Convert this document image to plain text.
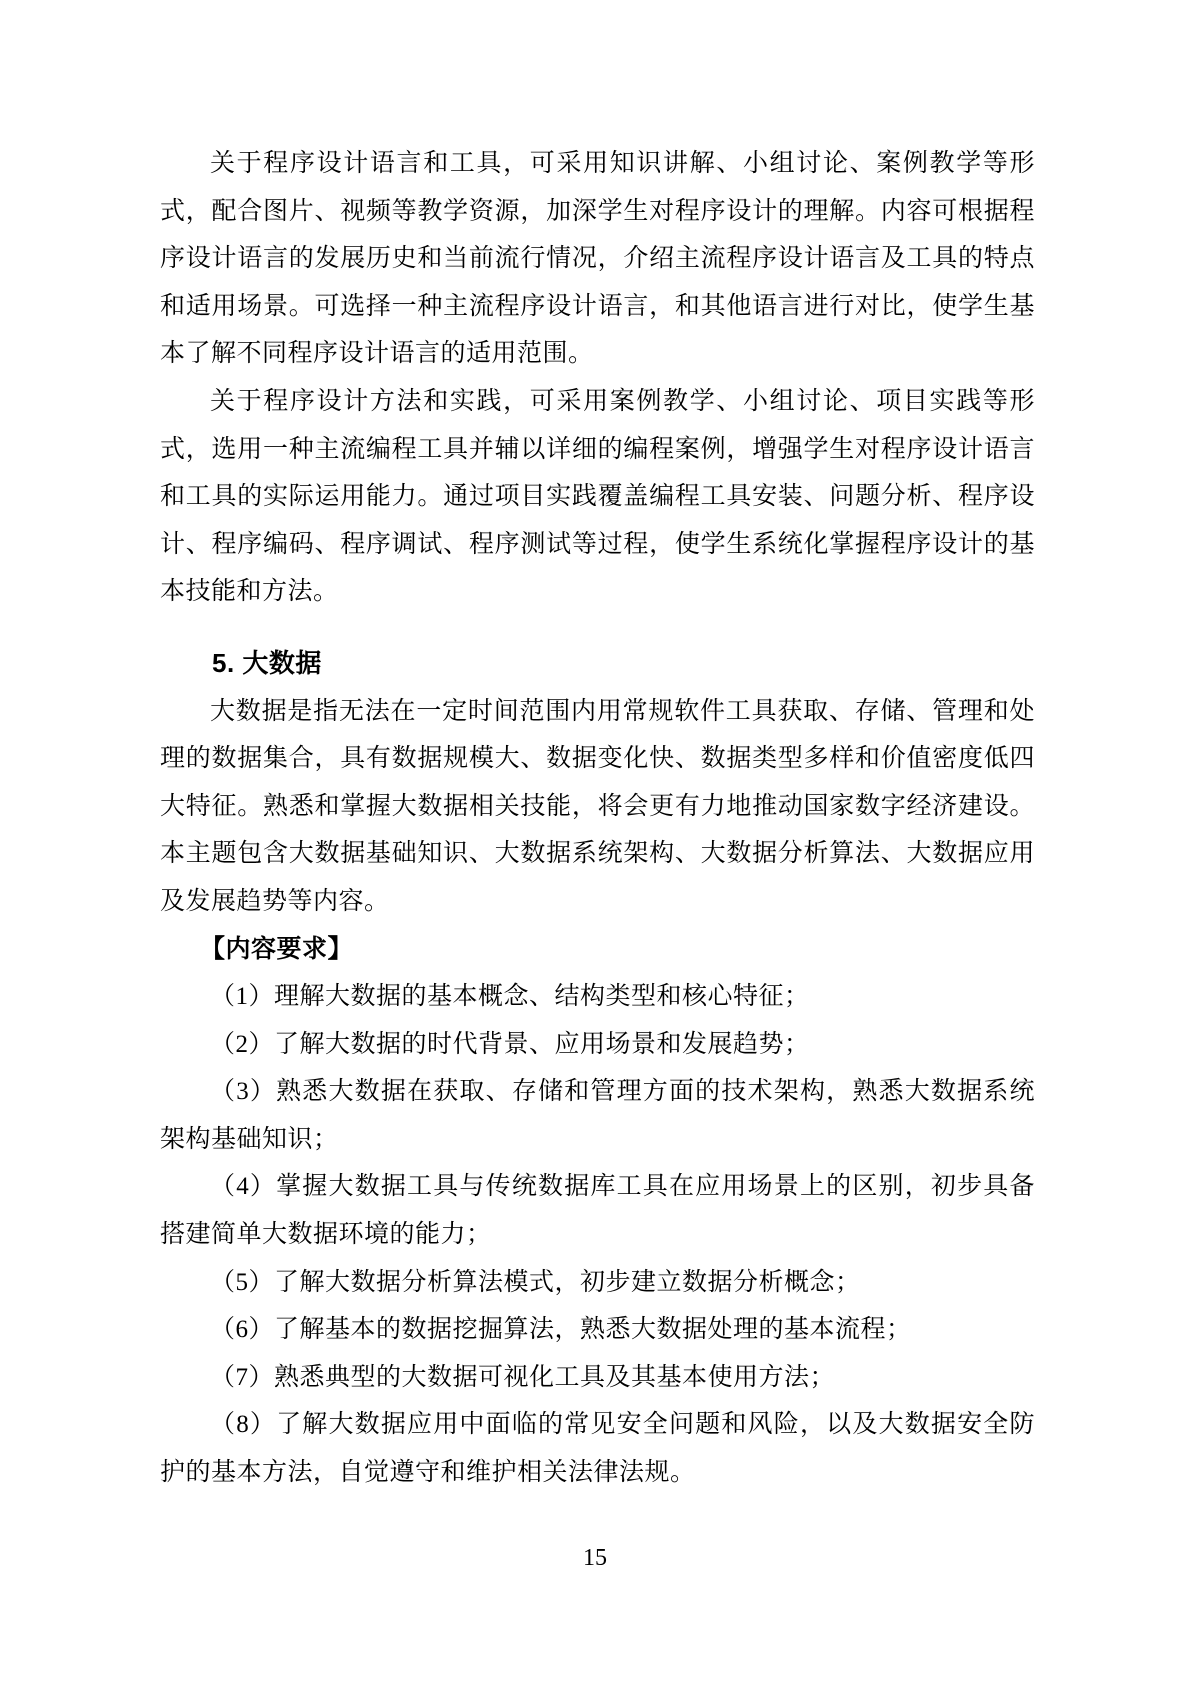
关于程序设计语言和工具，可采用知识讲解、小组讨论、案例教学等形式，配合图片、视频等教学资源，加深学生对程序设计的理解。内容可根据程序设计语言的发展历史和当前流行情况，介绍主流程序设计语言及工具的特点和适用场景。可选择一种主流程序设计语言，和其他语言进行对比，使学生基本了解不同程序设计语言的适用范围。

关于程序设计方法和实践，可采用案例教学、小组讨论、项目实践等形式，选用一种主流编程工具并辅以详细的编程案例，增强学生对程序设计语言和工具的实际运用能力。通过项目实践覆盖编程工具安装、问题分析、程序设计、程序编码、程序调试、程序测试等过程，使学生系统化掌握程序设计的基本技能和方法。

5. 大数据

大数据是指无法在一定时间范围内用常规软件工具获取、存储、管理和处理的数据集合，具有数据规模大、数据变化快、数据类型多样和价值密度低四大特征。熟悉和掌握大数据相关技能，将会更有力地推动国家数字经济建设。本主题包含大数据基础知识、大数据系统架构、大数据分析算法、大数据应用及发展趋势等内容。

【内容要求】

（1）理解大数据的基本概念、结构类型和核心特征；

（2）了解大数据的时代背景、应用场景和发展趋势；

（3）熟悉大数据在获取、存储和管理方面的技术架构，熟悉大数据系统架构基础知识；

（4）掌握大数据工具与传统数据库工具在应用场景上的区别，初步具备搭建简单大数据环境的能力；

（5）了解大数据分析算法模式，初步建立数据分析概念；

（6）了解基本的数据挖掘算法，熟悉大数据处理的基本流程；

（7）熟悉典型的大数据可视化工具及其基本使用方法；

（8）了解大数据应用中面临的常见安全问题和风险，以及大数据安全防护的基本方法，自觉遵守和维护相关法律法规。

15
